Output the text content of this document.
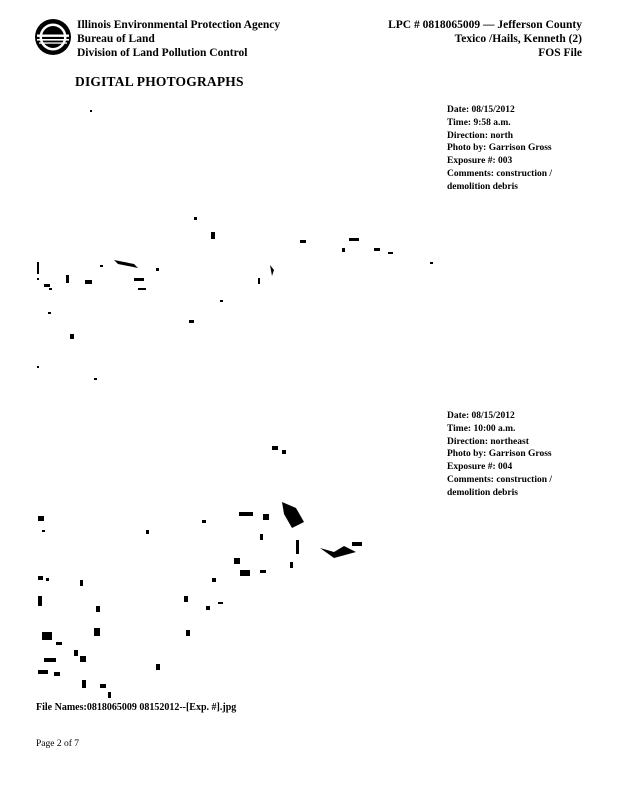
Illinois Environmental Protection Agency
Bureau of Land
Division of Land Pollution Control
LPC # 0818065009 — Jefferson County
Texico /Hails, Kenneth (2)
FOS File
DIGITAL PHOTOGRAPHS
Date: 08/15/2012
Time: 9:58 a.m.
Direction: north
Photo by: Garrison Gross
Exposure #: 003
Comments: construction /
demolition debris
Date: 08/15/2012
Time: 10:00 a.m.
Direction: northeast
Photo by: Garrison Gross
Exposure #: 004
Comments: construction /
demolition debris
File Names:0818065009 08152012--[Exp. #].jpg
Page 2 of 7
